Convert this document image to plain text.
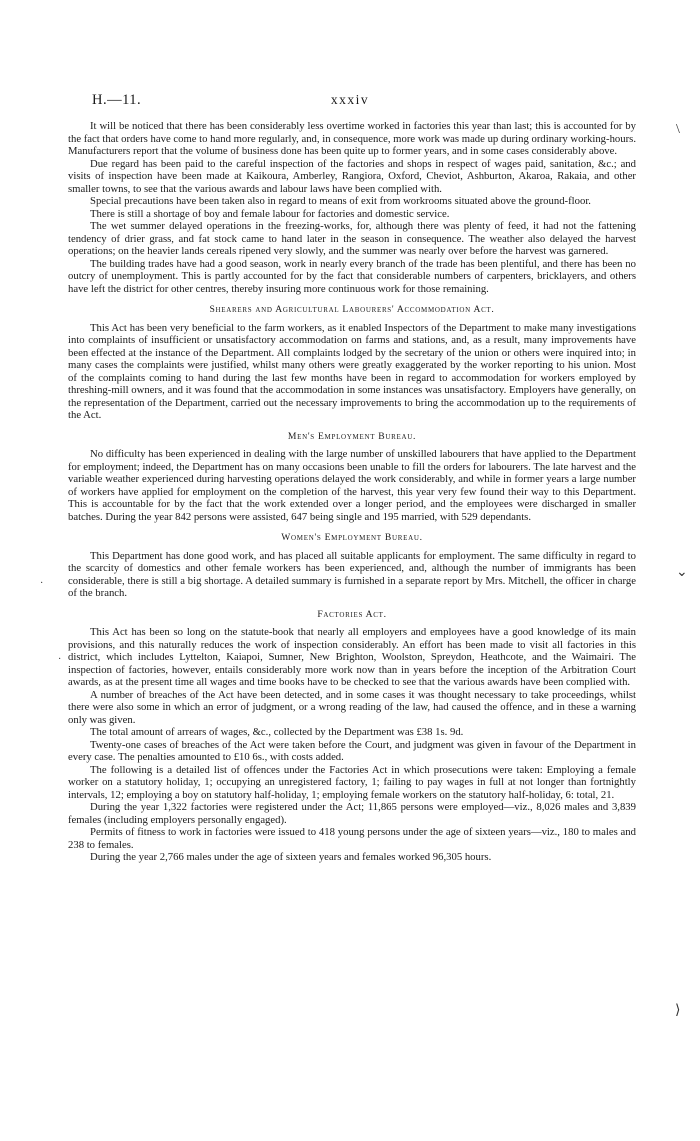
H.—11.	xxxiv

It will be noticed that there has been considerably less overtime worked in factories this year than last; this is accounted for by the fact that orders have come to hand more regularly, and, in consequence, more work was made up during ordinary working-hours. Manufacturers report that the volume of business done has been quite up to former years, and in some cases considerably above.

Due regard has been paid to the careful inspection of the factories and shops in respect of wages paid, sanitation, &c.; and visits of inspection have been made at Kaikoura, Amberley, Rangiora, Oxford, Cheviot, Ashburton, Akaroa, Rakaia, and other smaller towns, to see that the various awards and labour laws have been complied with.

Special precautions have been taken also in regard to means of exit from workrooms situated above the ground-floor.

There is still a shortage of boy and female labour for factories and domestic service.

The wet summer delayed operations in the freezing-works, for, although there was plenty of feed, it had not the fattening tendency of drier grass, and fat stock came to hand later in the season in consequence. The weather also delayed the harvest operations; on the heavier lands cereals ripened very slowly, and the summer was nearly over before the harvest was garnered.

The building trades have had a good season, work in nearly every branch of the trade has been plentiful, and there has been no outcry of unemployment. This is partly accounted for by the fact that considerable numbers of carpenters, bricklayers, and others have left the district for other centres, thereby insuring more continuous work for those remaining.

Shearers and Agricultural Labourers' Accommodation Act.

This Act has been very beneficial to the farm workers, as it enabled Inspectors of the Department to make many investigations into complaints of insufficient or unsatisfactory accommodation on farms and stations, and, as a result, many improvements have been effected at the instance of the Department. All complaints lodged by the secretary of the union or others were inquired into; in many cases the complaints were justified, whilst many others were greatly exaggerated by the worker reporting to his union. Most of the complaints coming to hand during the last few months have been in regard to accommodation for workers employed by threshing-mill owners, and it was found that the accommodation in some instances was unsatisfactory. Employers have generally, on the representation of the Department, carried out the necessary improvements to bring the accommodation up to the requirements of the Act.

Men's Employment Bureau.

No difficulty has been experienced in dealing with the large number of unskilled labourers that have applied to the Department for employment; indeed, the Department has on many occasions been unable to fill the orders for labourers. The late harvest and the variable weather experienced during harvesting operations delayed the work considerably, and while in former years a large number of workers have applied for employment on the completion of the harvest, this year very few found their way to this Department. This is accountable for by the fact that the work extended over a longer period, and the employees were discharged in smaller batches. During the year 842 persons were assisted, 647 being single and 195 married, with 529 dependants.

Women's Employment Bureau.

This Department has done good work, and has placed all suitable applicants for employment. The same difficulty in regard to the scarcity of domestics and other female workers has been experienced, and, although the number of immigrants has been considerable, there is still a big shortage. A detailed summary is furnished in a separate report by Mrs. Mitchell, the officer in charge of the branch.

Factories Act.

This Act has been so long on the statute-book that nearly all employers and employees have a good knowledge of its main provisions, and this naturally reduces the work of inspection considerably. An effort has been made to visit all factories in this district, which includes Lyttelton, Kaiapoi, Sumner, New Brighton, Woolston, Spreydon, Heathcote, and the Waimairi. The inspection of factories, however, entails considerably more work now than in years before the inception of the Arbitration Court awards, as at the present time all wages and time books have to be checked to see that the various awards have been complied with.

A number of breaches of the Act have been detected, and in some cases it was thought necessary to take proceedings, whilst there were also some in which an error of judgment, or a wrong reading of the law, had caused the offence, and in these a warning only was given.

The total amount of arrears of wages, &c., collected by the Department was £38 1s. 9d.

Twenty-one cases of breaches of the Act were taken before the Court, and judgment was given in favour of the Department in every case. The penalties amounted to £10 6s., with costs added.

The following is a detailed list of offences under the Factories Act in which prosecutions were taken: Employing a female worker on a statutory holiday, 1; occupying an unregistered factory, 1; failing to pay wages in full at not longer than fortnightly intervals, 12; employing a boy on statutory half-holiday, 1; employing female workers on the statutory half-holiday, 6: total, 21.

During the year 1,322 factories were registered under the Act; 11,865 persons were employed—viz., 8,026 males and 3,839 females (including employers personally engaged).

Permits of fitness to work in factories were issued to 418 young persons under the age of sixteen years—viz., 180 to males and 238 to females.

During the year 2,766 males under the age of sixteen years and females worked 96,305 hours.

\
⌄
⟩
·
·
